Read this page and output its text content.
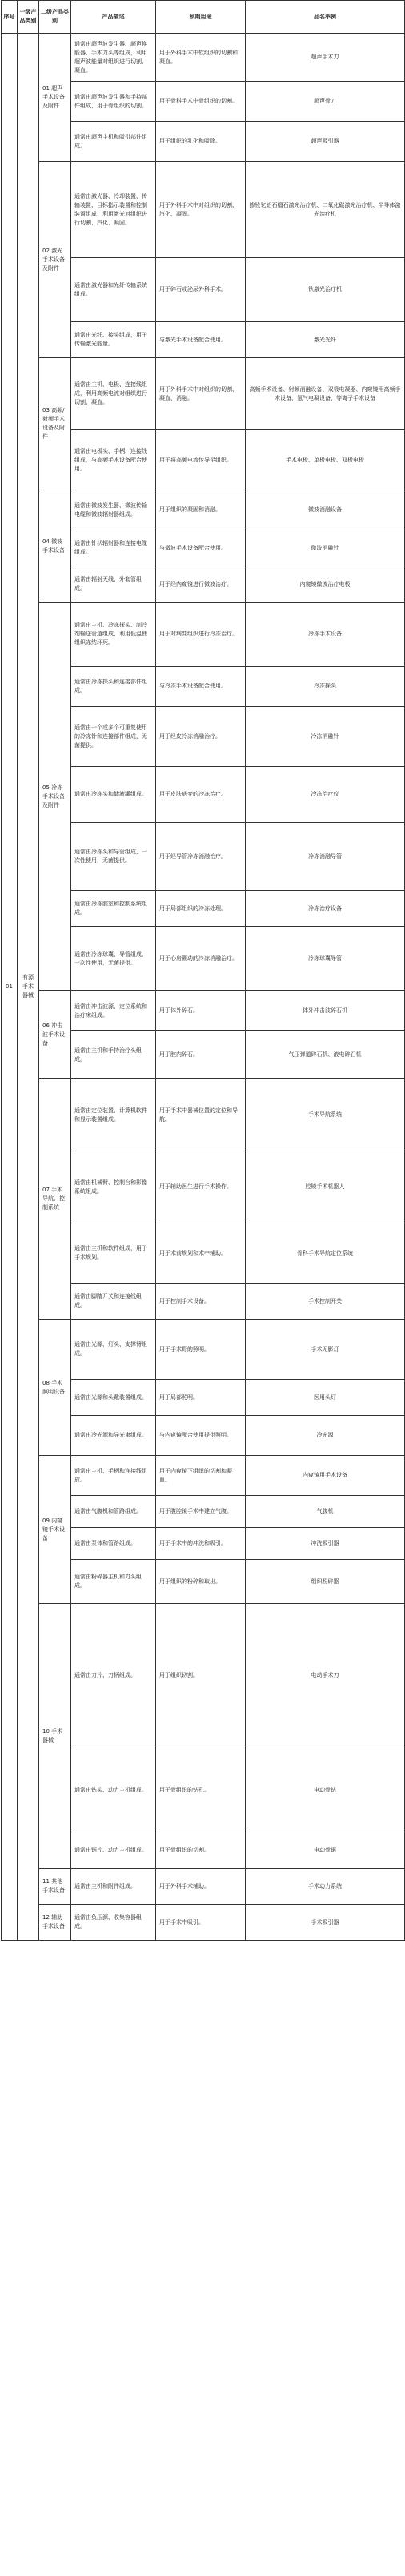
序号	一级产品类别	二级产品类别	产品描述	预期用途	品名举例
01	有源手术器械	01 超声手术设备及附件	通常由超声波发生器、超声换能器、手术刀头等组成，利用超声波能量对组织进行切割、凝血。	用于外科手术中软组织的切割和凝血。	超声手术刀
			通常由超声波发生器和手持部件组成，用于骨组织的切割。	用于骨科手术中骨组织的切割。	超声骨刀
			通常由超声主机和吸引部件组成。	用于组织的乳化和吸除。	超声吸引器
		02 激光手术设备及附件	通常由激光器、冷却装置、传输装置、目标指示装置和控制装置组成，利用激光对组织进行切割、汽化、凝固。	用于外科手术中对组织的切割、汽化、凝固。	掺钕钇铝石榴石激光治疗机、二氧化碳激光治疗机、半导体激光治疗机
			通常由激光器和光纤传输系统组成。	用于碎石或泌尿外科手术。	钬激光治疗机
			通常由光纤、接头组成，用于传输激光能量。	与激光手术设备配合使用。	激光光纤
		03 高频/射频手术设备及附件	通常由主机、电极、连接线组成，利用高频电流对组织进行切割、凝血。	用于外科手术中对组织的切割、凝血、消融。	高频手术设备、射频消融设备、双极电凝器、内窥镜用高频手术设备、氩气电凝设备、等离子手术设备
			通常由电极头、手柄、连接线组成，与高频手术设备配合使用。	用于将高频电流传导至组织。	手术电极、单极电极、双极电极
		04 微波手术设备	通常由微波发生器、微波传输电缆和微波辐射器组成。	用于组织的凝固和消融。	微波消融设备
			通常由针状辐射器和连接电缆组成。	与微波手术设备配合使用。	微波消融针
			通常由辐射天线、外套管组成。	用于经内窥镜进行微波治疗。	内窥镜微波治疗电极
		05 冷冻手术设备及附件	通常由主机、冷冻探头、制冷剂输送管道组成，利用低温使组织冻结坏死。	用于对病变组织进行冷冻治疗。	冷冻手术设备
			通常由冷冻探头和连接部件组成。	与冷冻手术设备配合使用。	冷冻探头
			通常由一个或多个可重复使用的冷冻针和连接部件组成，无菌提供。	用于经皮冷冻消融治疗。	冷冻消融针
			通常由冷冻头和储液罐组成。	用于皮肤病变的冷冻治疗。	冷冻治疗仪
			通常由冷冻头和导管组成，一次性使用，无菌提供。	用于经导管冷冻消融治疗。	冷冻消融导管
			通常由冷冻腔室和控制系统组成。	用于局部组织的冷冻处理。	冷冻治疗设备
			通常由冷冻球囊、导管组成，一次性使用，无菌提供。	用于心房颤动的冷冻消融治疗。	冷冻球囊导管
		06 冲击波手术设备	通常由冲击波源、定位系统和治疗床组成。	用于体外碎石。	体外冲击波碎石机
			通常由主机和手持治疗头组成。	用于腔内碎石。	气压弹道碎石机、液电碎石机
		07 手术导航、控制系统	通常由定位装置、计算机软件和显示装置组成。	用于手术中器械位置的定位和导航。	手术导航系统
			通常由机械臂、控制台和影像系统组成。	用于辅助医生进行手术操作。	腔镜手术机器人
			通常由主机和软件组成，用于手术规划。	用于术前规划和术中辅助。	骨科手术导航定位系统
			通常由脚踏开关和连接线组成。	用于控制手术设备。	手术控制开关
		08 手术照明设备	通常由光源、灯头、支撑臂组成。	用于手术野的照明。	手术无影灯
			通常由光源和头戴装置组成。	用于局部照明。	医用头灯
			通常由冷光源和导光束组成。	与内窥镜配合使用提供照明。	冷光源
		09 内窥镜手术设备	通常由主机、手柄和连接线组成。	用于内窥镜下组织的切割和凝血。	内窥镜用手术设备
			通常由气腹机和管路组成。	用于腹腔镜手术中建立气腹。	气腹机
			通常由泵体和管路组成。	用于手术中的冲洗和吸引。	冲洗吸引器
			通常由粉碎器主机和刀头组成。	用于组织的粉碎和取出。	组织粉碎器
		10 手术器械	通常由刀片、刀柄组成。	用于组织切割。	电动手术刀
			通常由钻头、动力主机组成。	用于骨组织的钻孔。	电动骨钻
			通常由锯片、动力主机组成。	用于骨组织的切割。	电动骨锯
		11 其他手术设备	通常由主机和附件组成。	用于外科手术辅助。	手术动力系统
		12 辅助手术设备	通常由负压源、收集容器组成。	用于手术中吸引。	手术吸引器
